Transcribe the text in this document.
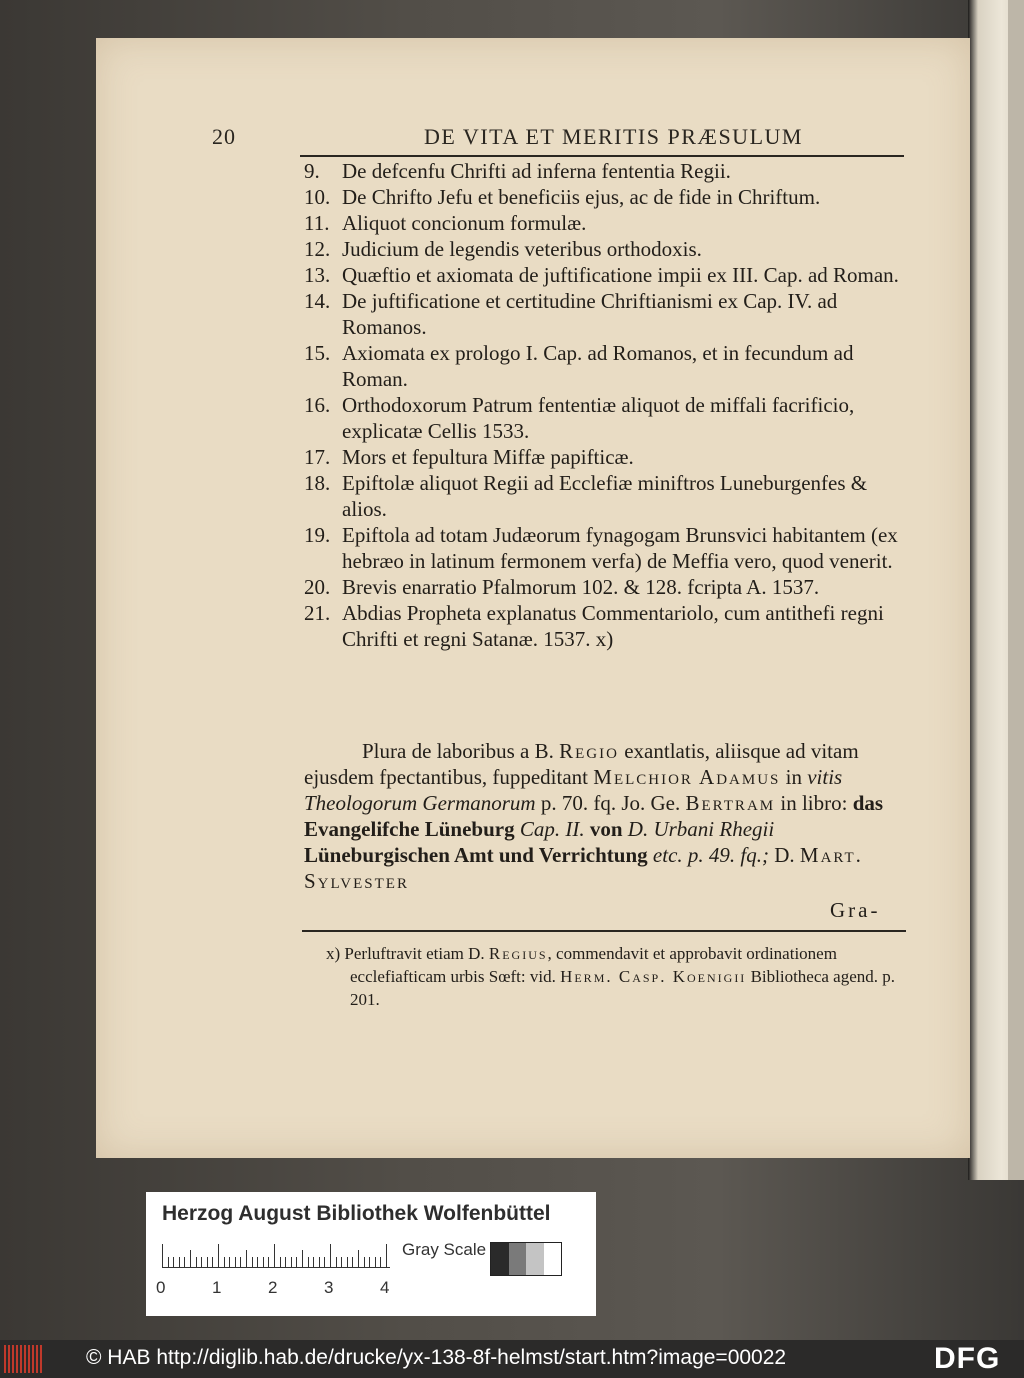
20	DE VITA ET MERITIS PRÆSULUM
9.	De defcenfu Chrifti ad inferna fententia Regii.
10. De Chrifto Jefu et beneficiis ejus, ac de fide in Chriftum.
11. Aliquot concionum formulæ.
12. Judicium de legendis veteribus orthodoxis.
13. Quæftio et axiomata de juftificatione impii ex III. Cap. ad Roman.
14. De juftificatione et certitudine Chriftianismi ex Cap. IV. ad Romanos.
15. Axiomata ex prologo I. Cap. ad Romanos, et in fecundum ad Roman.
16. Orthodoxorum Patrum fententiæ aliquot de miffali facrificio, explicatæ Cellis 1533.
17. Mors et fepultura Miffæ papifticæ.
18. Epiftolæ aliquot Regii ad Ecclefiæ miniftros Luneburgenfes & alios.
19. Epiftola ad totam Judæorum fynagogam Brunsvici habitantem (ex hebræo in latinum fermonem verfa) de Meffia vero, quod venerit.
20. Brevis enarratio Pfalmorum 102. & 128. fcripta A. 1537.
21. Abdias Propheta explanatus Commentariolo, cum antithefi regni Chrifti et regni Satanæ. 1537. x)
Plura de laboribus a B. Regio exantlatis, aliisque ad vitam ejusdem fpectantibus, fuppeditant Melchior Adamus in vitis Theologorum Germanorum p. 70. fq. Jo. Ge. Bertram in libro: das Evangelifche Lüneburg Cap. II. von D. Urbani Rhegii Lüneburgischen Amt und Verrichtung etc. p. 49. fq.; D. Mart. Sylvester
Gra-
x) Perluftravit etiam D. Regius, commendavit et approbavit ordinationem ecclefiafticam urbis Sœft: vid. Herm. Casp. Koenigii Bibliotheca agend. p. 201.
Herzog August Bibliothek Wolfenbüttel
0	1	2	3	4
Gray Scale
© HAB http://diglib.hab.de/drucke/yx-138-8f-helmst/start.htm?image=00022	DFG
